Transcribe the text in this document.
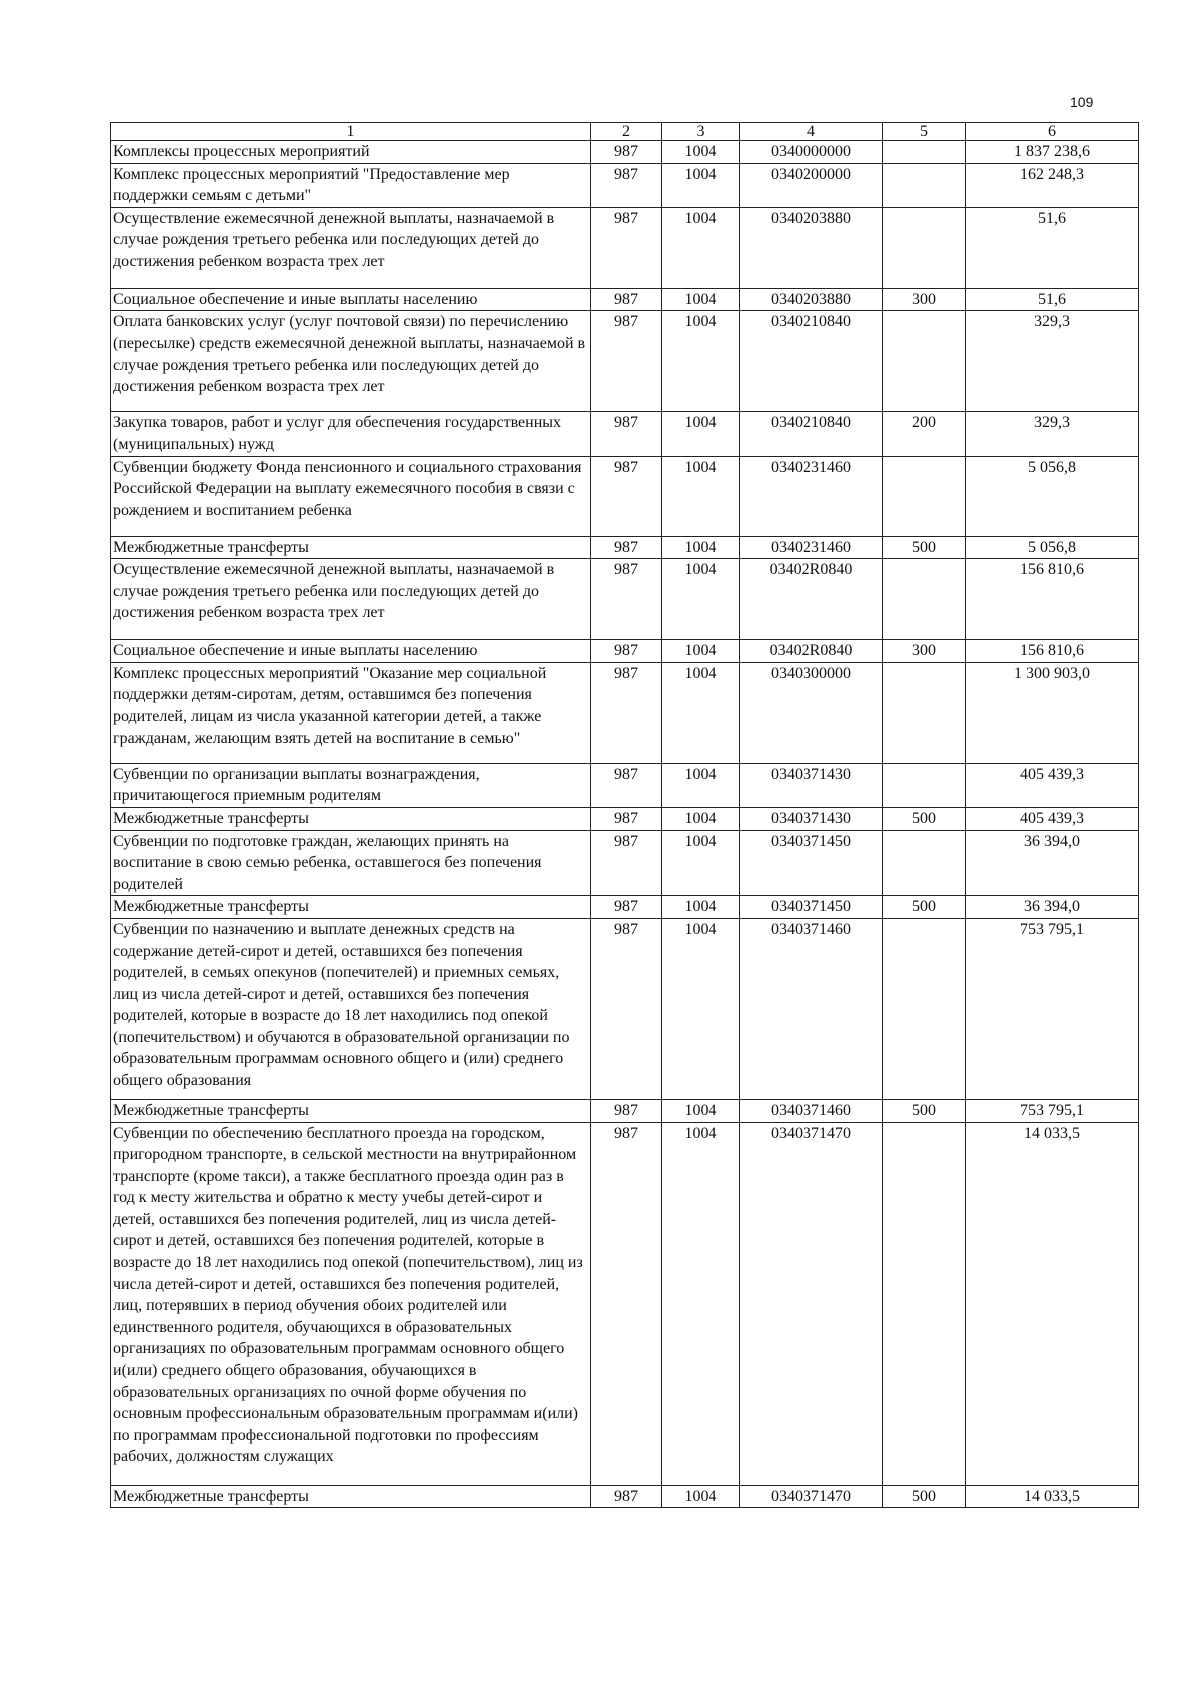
109
1	2	3	4	5	6
Комплексы процессных мероприятий	987	1004	0340000000		1 837 238,6
Комплекс процессных мероприятий "Предоставление мер поддержки семьям с детьми"	987	1004	0340200000		162 248,3
Осуществление ежемесячной денежной выплаты, назначаемой в случае рождения третьего ребенка или последующих детей до достижения ребенком возраста трех лет	987	1004	0340203880		51,6
Социальное обеспечение и иные выплаты населению	987	1004	0340203880	300	51,6
Оплата банковских услуг (услуг почтовой связи) по перечислению (пересылке) средств ежемесячной денежной выплаты, назначаемой в случае рождения третьего ребенка или последующих детей до достижения ребенком возраста трех лет	987	1004	0340210840		329,3
Закупка товаров, работ и услуг для обеспечения государственных (муниципальных) нужд	987	1004	0340210840	200	329,3
Субвенции бюджету Фонда пенсионного и социального страхования Российской Федерации на выплату ежемесячного пособия в связи с рождением и воспитанием ребенка	987	1004	0340231460		5 056,8
Межбюджетные трансферты	987	1004	0340231460	500	5 056,8
Осуществление ежемесячной денежной выплаты, назначаемой в случае рождения третьего ребенка или последующих детей до достижения ребенком возраста трех лет	987	1004	03402R0840		156 810,6
Социальное обеспечение и иные выплаты населению	987	1004	03402R0840	300	156 810,6
Комплекс процессных мероприятий "Оказание мер социальной поддержки детям-сиротам, детям, оставшимся без попечения родителей, лицам из числа указанной категории детей, а также гражданам, желающим взять детей на воспитание в семью"	987	1004	0340300000		1 300 903,0
Субвенции по организации выплаты вознаграждения, причитающегося приемным родителям	987	1004	0340371430		405 439,3
Межбюджетные трансферты	987	1004	0340371430	500	405 439,3
Субвенции по подготовке граждан, желающих принять на воспитание в свою семью ребенка, оставшегося без попечения родителей	987	1004	0340371450		36 394,0
Межбюджетные трансферты	987	1004	0340371450	500	36 394,0
Субвенции по назначению и выплате денежных средств на содержание детей-сирот и детей, оставшихся без попечения родителей, в семьях опекунов (попечителей) и приемных семьях, лиц из числа детей-сирот и детей, оставшихся без попечения родителей, которые в возрасте до 18 лет находились под опекой (попечительством) и обучаются в образовательной организации по образовательным программам основного общего и (или) среднего общего образования	987	1004	0340371460		753 795,1
Межбюджетные трансферты	987	1004	0340371460	500	753 795,1
Субвенции по обеспечению бесплатного проезда на городском, пригородном транспорте, в сельской местности на внутрирайонном транспорте (кроме такси), а также бесплатного проезда один раз в год к месту жительства и обратно к месту учебы детей-сирот и детей, оставшихся без попечения родителей, лиц из числа детей-сирот и детей, оставшихся без попечения родителей, которые в возрасте до 18 лет находились под опекой (попечительством), лиц из числа детей-сирот и детей, оставшихся без попечения родителей, лиц, потерявших в период обучения обоих родителей или единственного родителя, обучающихся в образовательных организациях по образовательным программам основного общего и(или) среднего общего образования, обучающихся в образовательных организациях по очной форме обучения по основным профессиональным образовательным программам и(или) по программам профессиональной подготовки по профессиям рабочих, должностям служащих	987	1004	0340371470		14 033,5
Межбюджетные трансферты	987	1004	0340371470	500	14 033,5
